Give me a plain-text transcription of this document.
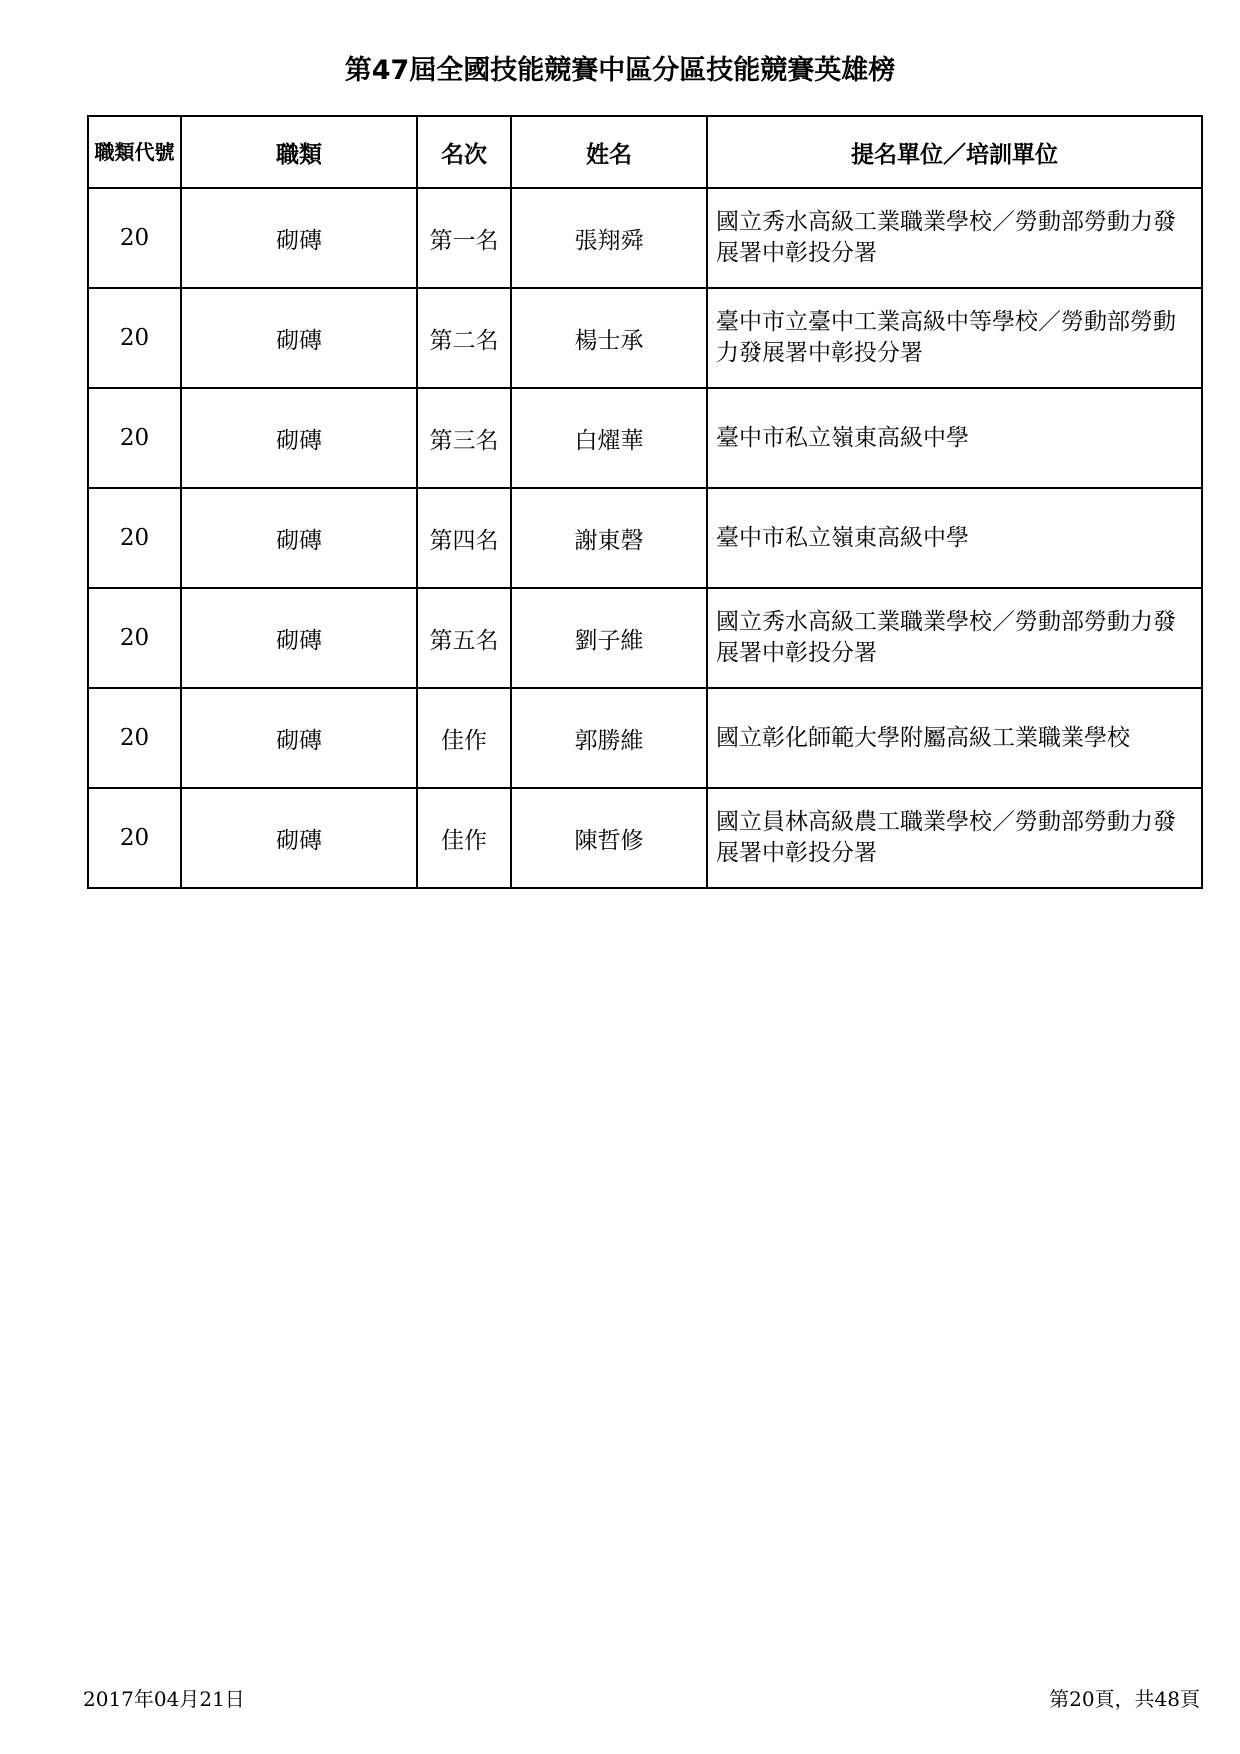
第47屆全國技能競賽中區分區技能競賽英雄榜
職類代號	職類	名次	姓名	提名單位／培訓單位
20	砌磚	第一名	張翔舜	國立秀水高級工業職業學校／勞動部勞動力發展署中彰投分署
20	砌磚	第二名	楊士承	臺中市立臺中工業高級中等學校／勞動部勞動力發展署中彰投分署
20	砌磚	第三名	白燿華	臺中市私立嶺東高級中學
20	砌磚	第四名	謝東磬	臺中市私立嶺東高級中學
20	砌磚	第五名	劉子維	國立秀水高級工業職業學校／勞動部勞動力發展署中彰投分署
20	砌磚	佳作	郭勝維	國立彰化師範大學附屬高級工業職業學校
20	砌磚	佳作	陳哲修	國立員林高級農工職業學校／勞動部勞動力發展署中彰投分署
2017年04月21日	第20頁，共48頁
